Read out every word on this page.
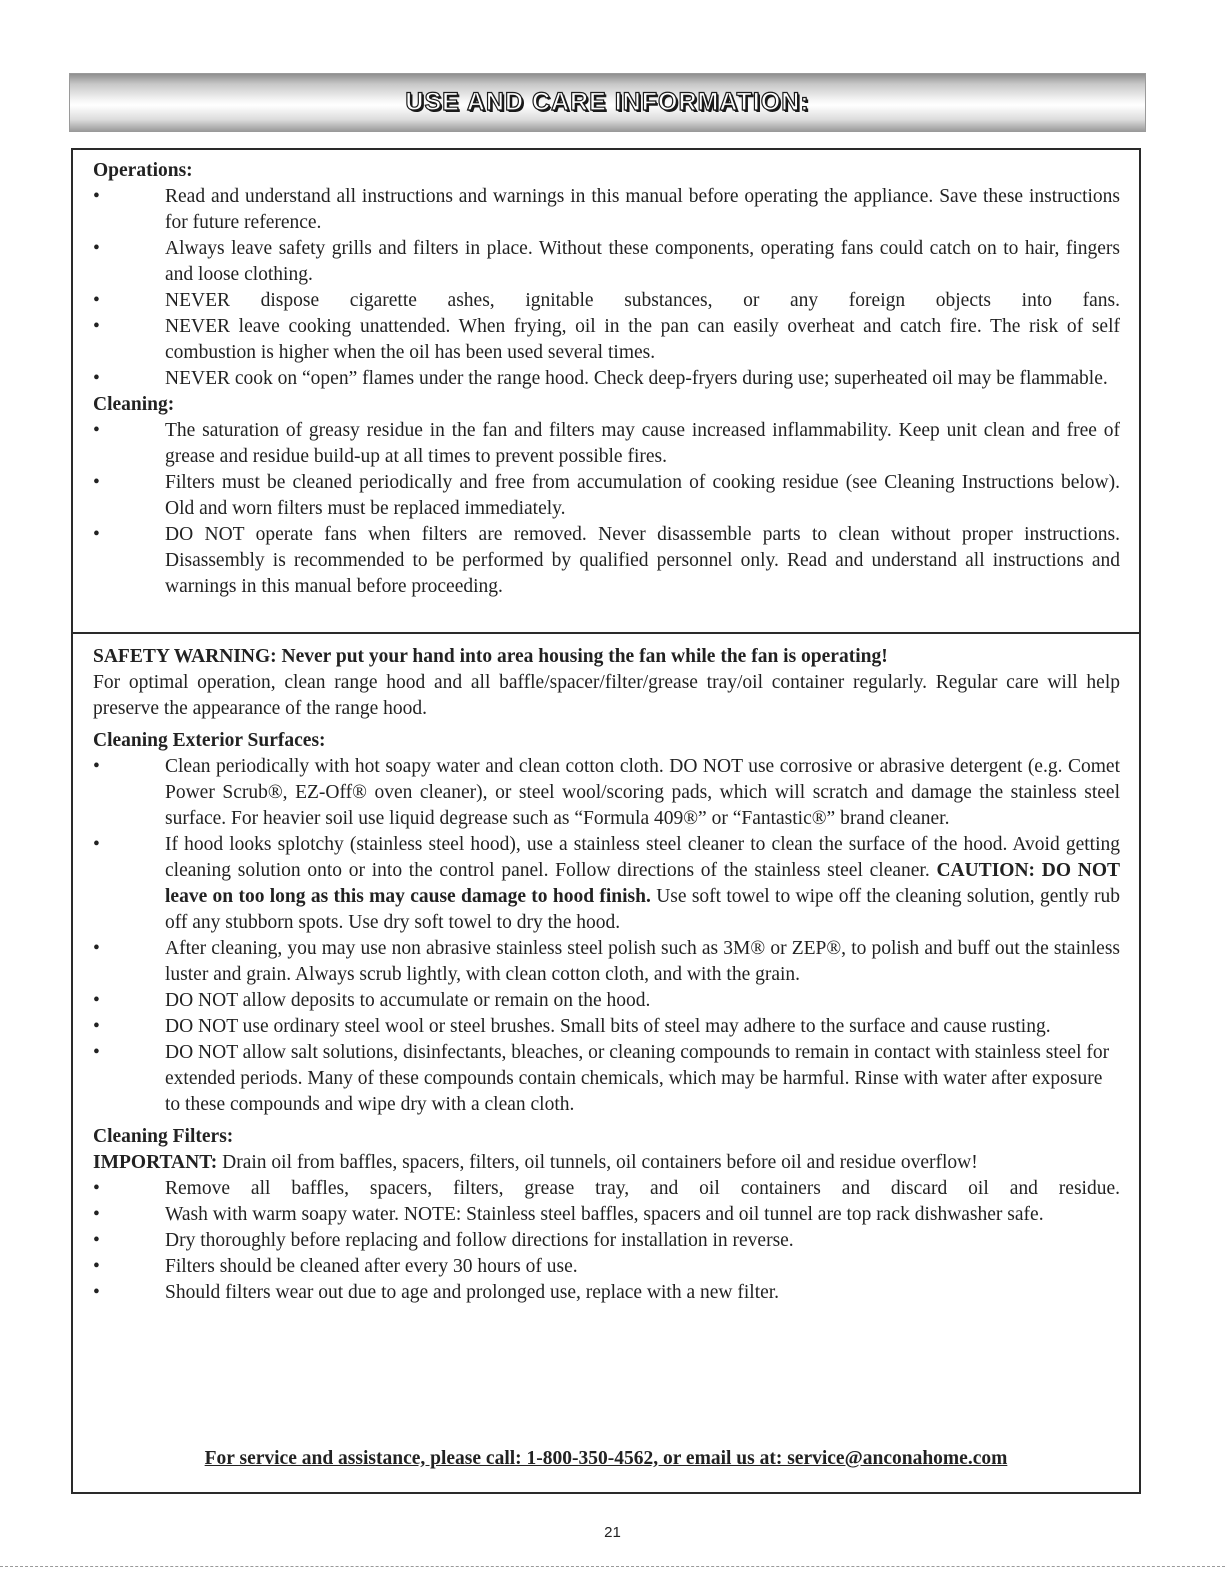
USE AND CARE INFORMATION:

Operations:

•	Read and understand all instructions and warnings in this manual before operating the appliance. Save these instructions for future reference.
•	Always leave safety grills and filters in place. Without these components, operating fans could catch on to hair, fingers and loose clothing.
•	NEVER dispose cigarette ashes, ignitable substances, or any foreign objects into fans.
•	NEVER leave cooking unattended. When frying, oil in the pan can easily overheat and catch fire. The risk of self combustion is higher when the oil has been used several times.
•	NEVER cook on “open” flames under the range hood. Check deep-fryers during use; superheated oil may be flammable.

Cleaning:

•	The saturation of greasy residue in the fan and filters may cause increased inflammability. Keep unit clean and free of grease and residue build-up at all times to prevent possible fires.
•	Filters must be cleaned periodically and free from accumulation of cooking residue (see Cleaning Instructions below). Old and worn filters must be replaced immediately.
•	DO NOT operate fans when filters are removed. Never disassemble parts to clean without proper instructions. Disassembly is recommended to be performed by qualified personnel only. Read and understand all instructions and warnings in this manual before proceeding.

SAFETY WARNING: Never put your hand into area housing the fan while the fan is operating!

For optimal operation, clean range hood and all baffle/spacer/filter/grease tray/oil container regularly. Regular care will help preserve the appearance of the range hood.

Cleaning Exterior Surfaces:

•	Clean periodically with hot soapy water and clean cotton cloth. DO NOT use corrosive or abrasive detergent (e.g. Comet Power Scrub®, EZ-Off® oven cleaner), or steel wool/scoring pads, which will scratch and damage the stainless steel surface. For heavier soil use liquid degrease such as “Formula 409®” or “Fantastic®” brand cleaner.
•	If hood looks splotchy (stainless steel hood), use a stainless steel cleaner to clean the surface of the hood. Avoid getting cleaning solution onto or into the control panel. Follow directions of the stainless steel cleaner. CAUTION: DO NOT leave on too long as this may cause damage to hood finish. Use soft towel to wipe off the cleaning solution, gently rub off any stubborn spots. Use dry soft towel to dry the hood.
•	After cleaning, you may use non abrasive stainless steel polish such as 3M® or ZEP®, to polish and buff out the stainless luster and grain. Always scrub lightly, with clean cotton cloth, and with the grain.
•	DO NOT allow deposits to accumulate or remain on the hood.
•	DO NOT use ordinary steel wool or steel brushes. Small bits of steel may adhere to the surface and cause rusting.
•	DO NOT allow salt solutions, disinfectants, bleaches, or cleaning compounds to remain in contact with stainless steel for extended periods. Many of these compounds contain chemicals, which may be harmful. Rinse with water after exposure to these compounds and wipe dry with a clean cloth.

Cleaning Filters:

IMPORTANT: Drain oil from baffles, spacers, filters, oil tunnels, oil containers before oil and residue overflow!

•	Remove all baffles, spacers, filters, grease tray, and oil containers and discard oil and residue.
•	Wash with warm soapy water. NOTE: Stainless steel baffles, spacers and oil tunnel are top rack dishwasher safe.
•	Dry thoroughly before replacing and follow directions for installation in reverse.
•	Filters should be cleaned after every 30 hours of use.
•	Should filters wear out due to age and prolonged use, replace with a new filter.
For service and assistance, please call: 1-800-350-4562, or email us at: service@anconahome.com
21
